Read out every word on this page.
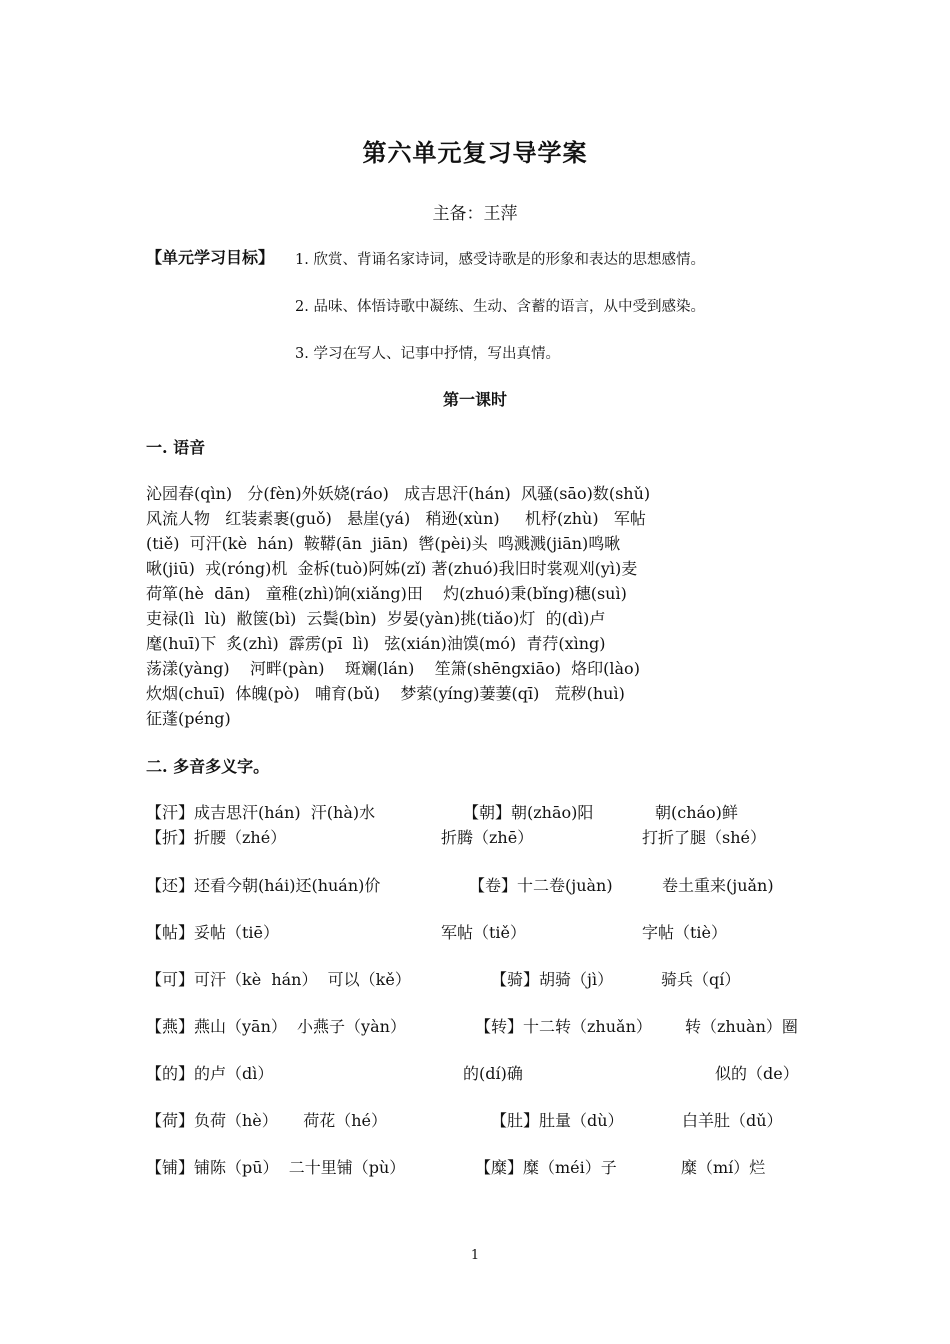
第六单元复习导学案
主备：王萍
【单元学习目标】 1. 欣赏、背诵名家诗词，感受诗歌是的形象和表达的思想感情。
2. 品味、体悟诗歌中凝练、生动、含蓄的语言，从中受到感染。
3. 学习在写人、记事中抒情，写出真情。
第一课时
一. 语音
沁园春(qìn)   分(fèn)外妖娆(ráo)   成吉思汗(hán)  风骚(sāo)数(shǔ)
风流人物   红装素裹(guǒ)   悬崖(yá)   稍逊(xùn)     机杼(zhù)   军帖
(tiě)  可汗(kè  hán)  鞍鞯(ān  jiān)  辔(pèi)头  鸣溅溅(jiān)鸣啾
啾(jiū)  戎(róng)机  金柝(tuò)阿姊(zǐ) 著(zhuó)我旧时裳观刈(yì)麦
荷箪(hè  dān)   童稚(zhì)饷(xiǎng)田    灼(zhuó)秉(bǐng)穗(suì)
吏禄(lì  lù)  敝箧(bì)  云鬓(bìn)  岁晏(yàn)挑(tiǎo)灯  的(dì)卢
麾(huī)下  炙(zhì)  霹雳(pī  lì)   弦(xián)油馍(mó)  青荇(xìng)
荡漾(yàng)    河畔(pàn)    斑斓(lán)    笙箫(shēngxiāo)  烙印(lào)
炊烟(chuī)  体魄(pò)   哺育(bǔ)    梦萦(yíng)萋萋(qī)   荒秽(huì)
征蓬(péng)
二. 多音多义字。
【汗】成吉思汗(hán)  汗(hà)水	【朝】朝(zhāo)阳	朝(cháo)鲜
【折】折腰（zhé）	折腾（zhē）	打折了腿（shé）
【还】还看今朝(hái)还(huán)价	【卷】十二卷(juàn)	卷土重来(juǎn)
【帖】妥帖（tiē）	军帖（tiě）	字帖（tiè）
【可】可汗（kè  hán）  可以（kě）	【骑】胡骑（jì）	骑兵（qí）
【燕】燕山（yān）  小燕子（yàn）	【转】十二转（zhuǎn） 转（zhuàn）圈
【的】的卢（dì）	的(dí)确	似的（de）
【荷】负荷（hè）     荷花（hé）	【肚】肚量（dù）	白羊肚（dǔ）
【铺】铺陈（pū）  二十里铺（pù）	【糜】糜（méi）子	糜（mí）烂
1
